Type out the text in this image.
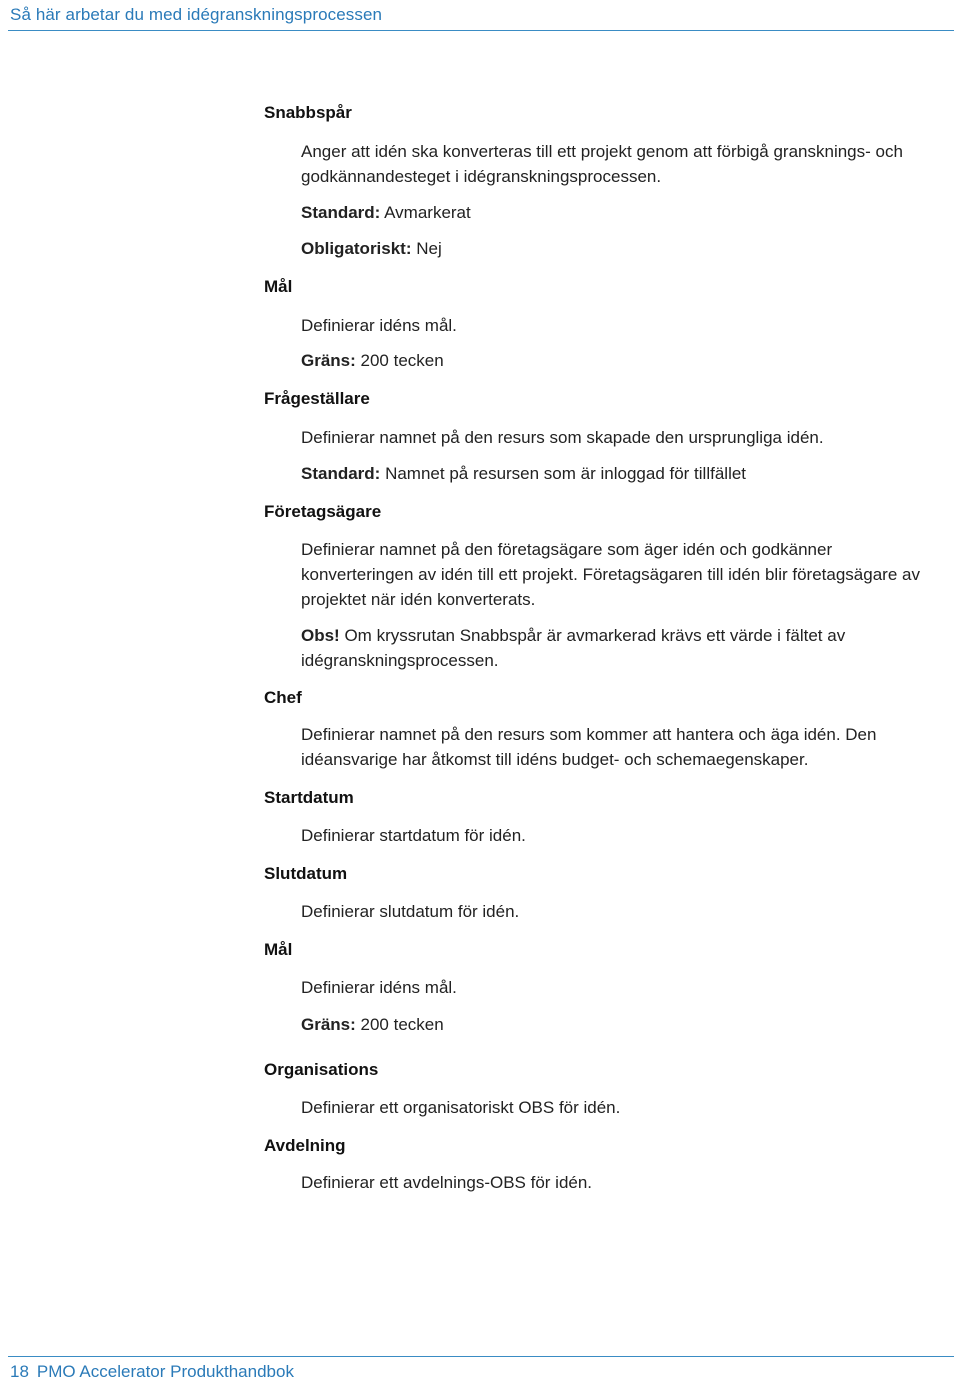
Så här arbetar du med idégranskningsprocessen
Snabbspår
Anger att idén ska konverteras till ett projekt genom att förbigå gransknings- och godkännandesteget i idégranskningsprocessen.
Standard: Avmarkerat
Obligatoriskt: Nej
Mål
Definierar idéns mål.
Gräns: 200 tecken
Frågeställare
Definierar namnet på den resurs som skapade den ursprungliga idén.
Standard: Namnet på resursen som är inloggad för tillfället
Företagsägare
Definierar namnet på den företagsägare som äger idén och godkänner konverteringen av idén till ett projekt. Företagsägaren till idén blir företagsägare av projektet när idén konverterats.
Obs! Om kryssrutan Snabbspår är avmarkerad krävs ett värde i fältet av idégranskningsprocessen.
Chef
Definierar namnet på den resurs som kommer att hantera och äga idén. Den idéansvarige har åtkomst till idéns budget- och schemaegenskaper.
Startdatum
Definierar startdatum för idén.
Slutdatum
Definierar slutdatum för idén.
Mål
Definierar idéns mål.
Gräns: 200 tecken
Organisations
Definierar ett organisatoriskt OBS för idén.
Avdelning
Definierar ett avdelnings-OBS för idén.
18 PMO Accelerator Produkthandbok
